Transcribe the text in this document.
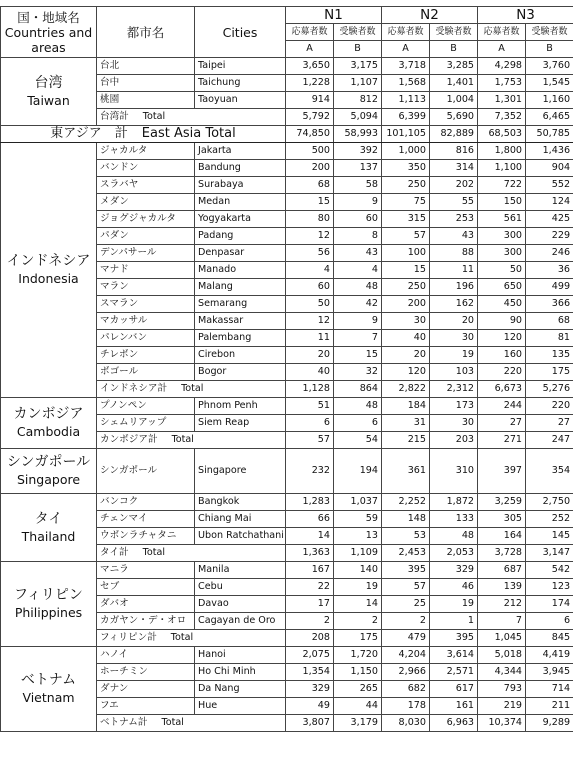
国・地域名
Countries and areas	都市名	Cities	N1		N2		N3	
			応募者数	受験者数	応募者数	受験者数	応募者数	受験者数
			A	B	A	B	A	B

台湾
Taiwan	台北	Taipei	3,650	3,175	3,718	3,285	4,298	3,760
	台中	Taichung	1,228	1,107	1,568	1,401	1,753	1,545
	桃園	Taoyuan	914	812	1,113	1,004	1,301	1,160
	台湾計 Total		5,792	5,094	6,399	5,690	7,352	6,465
東アジア　計 East Asia Total			74,850	58,993	101,105	82,889	68,503	50,785

インドネシア
Indonesia	ジャカルタ	Jakarta	500	392	1,000	816	1,800	1,436
	バンドン	Bandung	200	137	350	314	1,100	904
	スラバヤ	Surabaya	68	58	250	202	722	552
	メダン	Medan	15	9	75	55	150	124
	ジョグジャカルタ	Yogyakarta	80	60	315	253	561	425
	パダン	Padang	12	8	57	43	300	229
	デンパサール	Denpasar	56	43	100	88	300	246
	マナド	Manado	4	4	15	11	50	36
	マラン	Malang	60	48	250	196	650	499
	スマラン	Semarang	50	42	200	162	450	366
	マカッサル	Makassar	12	9	30	20	90	68
	パレンバン	Palembang	11	7	40	30	120	81
	チレボン	Cirebon	20	15	20	19	160	135
	ボゴール	Bogor	40	32	120	103	220	175
	インドネシア計 Total		1,128	864	2,822	2,312	6,673	5,276

カンボジア
Cambodia	プノンペン	Phnom Penh	51	48	184	173	244	220
	シェムリアップ	Siem Reap	6	6	31	30	27	27
	カンボジア計 Total		57	54	215	203	271	247

シンガポール
Singapore	シンガポール	Singapore	232	194	361	310	397	354

タイ
Thailand	バンコク	Bangkok	1,283	1,037	2,252	1,872	3,259	2,750
	チェンマイ	Chiang Mai	66	59	148	133	305	252
	ウボンラチャタニ	Ubon Ratchathani	14	13	53	48	164	145
	タイ計 Total		1,363	1,109	2,453	2,053	3,728	3,147

フィリピン
Philippines	マニラ	Manila	167	140	395	329	687	542
	セブ	Cebu	22	19	57	46	139	123
	ダバオ	Davao	17	14	25	19	212	174
	カガヤン・デ・オロ	Cagayan de Oro	2	2	2	1	7	6
	フィリピン計 Total		208	175	479	395	1,045	845

ベトナム
Vietnam	ハノイ	Hanoi	2,075	1,720	4,204	3,614	5,018	4,419
	ホーチミン	Ho Chi Minh	1,354	1,150	2,966	2,571	4,344	3,945
	ダナン	Da Nang	329	265	682	617	793	714
	フエ	Hue	49	44	178	161	219	211
	ベトナム計 Total		3,807	3,179	8,030	6,963	10,374	9,289
